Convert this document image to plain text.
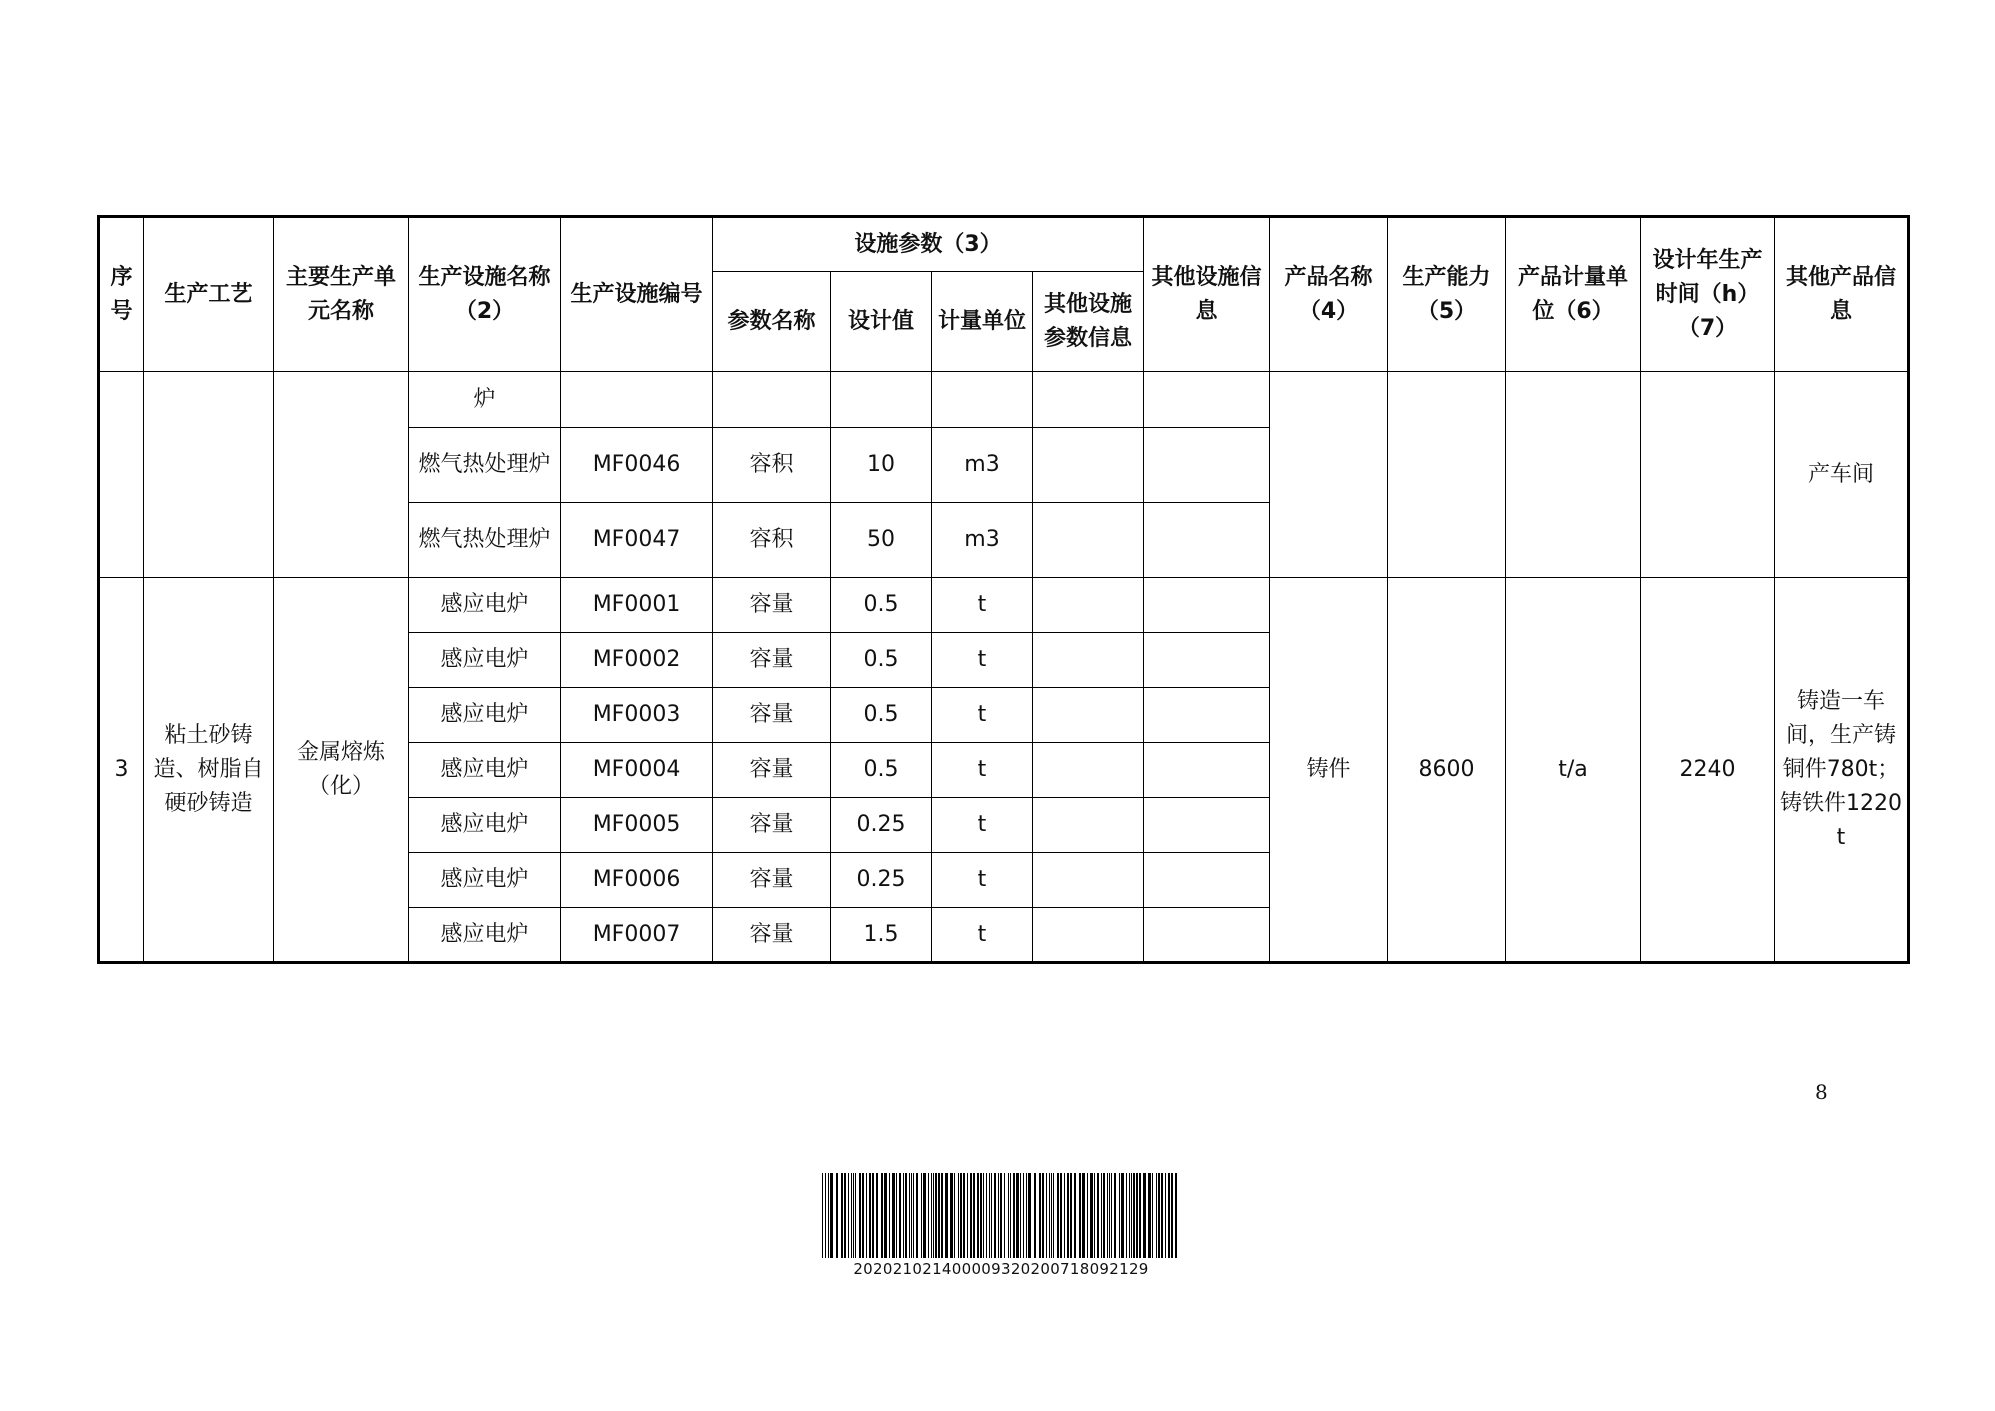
序号	生产工艺	主要生产单元名称	生产设施名称（2）	生产设施编号	设施参数（3）				其他设施信息	产品名称（4）	生产能力（5）	产品计量单位（6）	设计年生产时间（h）（7）	其他产品信息
					参数名称	设计值	计量单位	其他设施参数信息						
			炉											产车间
			燃气热处理炉	MF0046	容积	10	m3							
			燃气热处理炉	MF0047	容积	50	m3							
3	粘土砂铸造、树脂自硬砂铸造	金属熔炼（化）	感应电炉	MF0001	容量	0.5	t			铸件	8600	t/a	2240	铸造一车间，生产铸铜件780t；铸铁件1220t
			感应电炉	MF0002	容量	0.5	t							
			感应电炉	MF0003	容量	0.5	t							
			感应电炉	MF0004	容量	0.5	t							
			感应电炉	MF0005	容量	0.25	t							
			感应电炉	MF0006	容量	0.25	t							
			感应电炉	MF0007	容量	1.5	t							
8
20202102140000932020071809212​9
